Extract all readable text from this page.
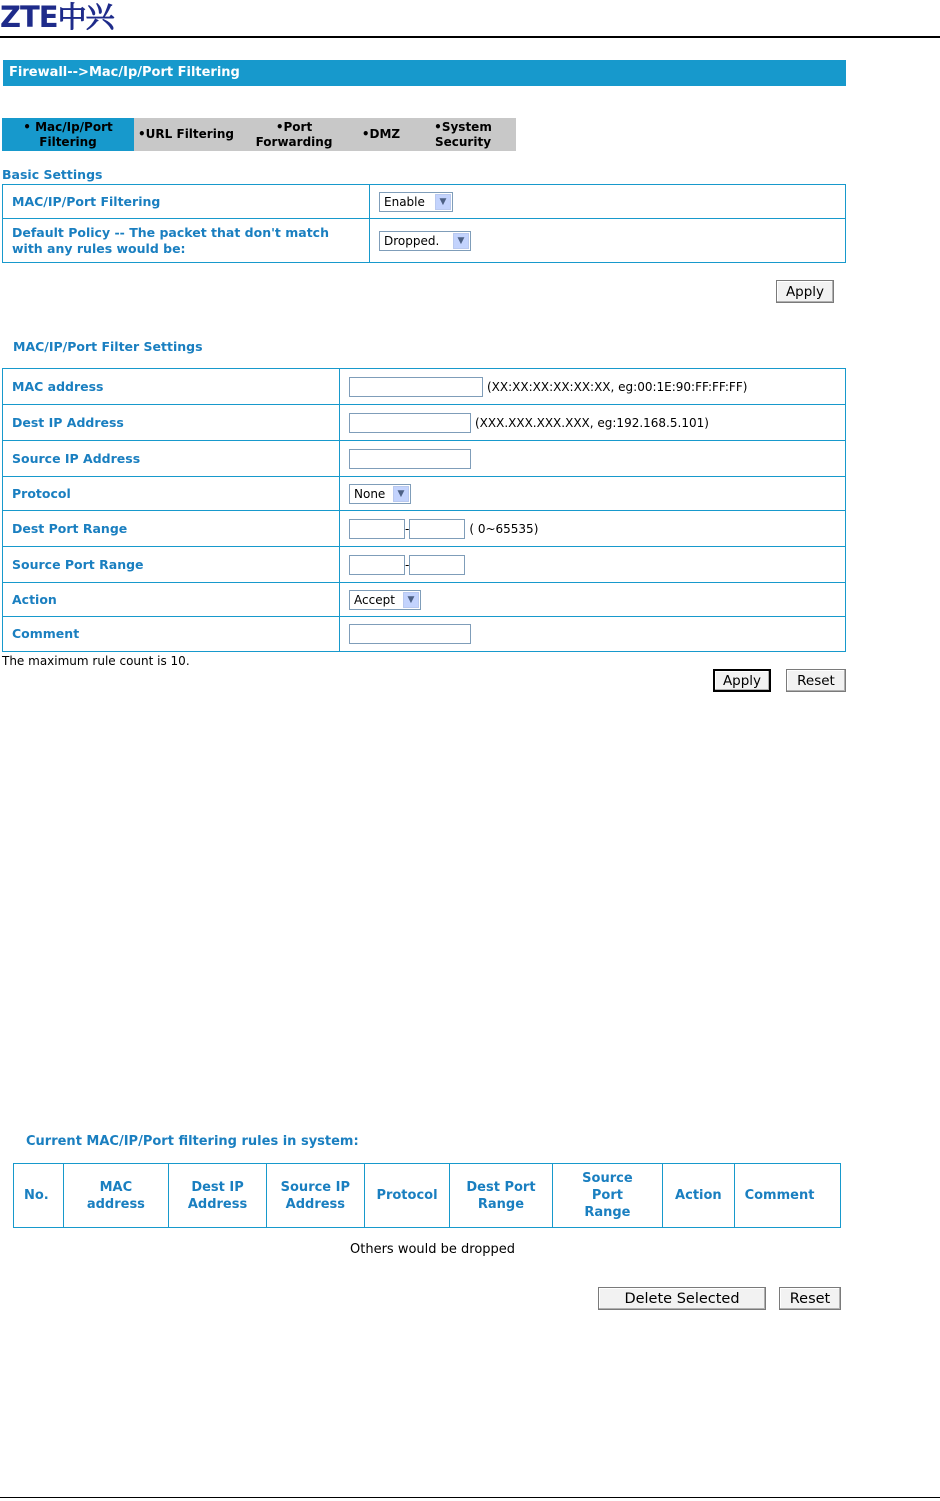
ZTE中兴
Firewall-->Mac/Ip/Port Filtering
• Mac/Ip/Port Filtering
•URL Filtering
•Port Forwarding
•DMZ
•System Security
Basic Settings
MAC/IP/Port Filtering	Enable ▼

Default Policy -- The packet that don't match with any rules would be:	Dropped. ▼
Apply
MAC/IP/Port Filter Settings
MAC address	(XX:XX:XX:XX:XX:XX, eg:00:1E:90:FF:FF:FF)
Dest IP Address	(XXX.XXX.XXX.XXX, eg:192.168.5.101)
Source IP Address	
Protocol	None ▼

Dest Port Range	- ( 0~65535)
Source Port Range	-
Action	Accept ▼

Comment	
The maximum rule count is 10.
Apply	Reset
Current MAC/IP/Port filtering rules in system:
No.	MAC address	Dest IP Address	Source IP Address	Protocol	Dest Port Range	Source Port Range	Action	Comment
Others would be dropped
Delete Selected	Reset
